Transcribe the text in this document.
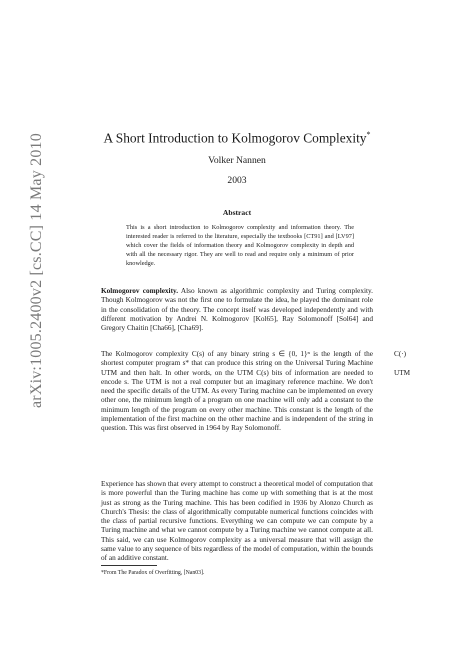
arXiv:1005.2400v2 [cs.CC] 14 May 2010	A Short Introduction to Kolmogorov Complexity*
Volker Nannen
2003
Abstract
This is a short introduction to Kolmogorov complexity and information theory. The interested reader is referred to the literature, especially the textbooks [CT91] and [LV97] which cover the fields of information theory and Kolmogorov complexity in depth and with all the necessary rigor. They are well to read and require only a minimum of prior knowledge.
Kolmogorov complexity. Also known as algorithmic complexity and Turing complexity. Though Kolmogorov was not the first one to formulate the idea, he played the dominant role in the consolidation of the theory. The concept itself was developed independently and with different motivation by Andrei N. Kolmogorov [Kol65], Ray Solomonoff [Sol64] and Gregory Chaitin [Cha66], [Cha69].
The Kolmogorov complexity C(s) of any binary string s ∈ {0, 1}ⁿ is the length of the shortest computer program s* that can produce this string on the Universal Turing Machine UTM and then halt. In other words, on the UTM C(s) bits of information are needed to encode s. The UTM is not a real computer but an imaginary reference machine. We don't need the specific details of the UTM. As every Turing machine can be implemented on every other one, the minimum length of a program on one machine will only add a constant to the minimum length of the program on every other machine. This constant is the length of the implementation of the first machine on the other machine and is independent of the string in question. This was first observed in 1964 by Ray Solomonoff.
C(·)
UTM
Experience has shown that every attempt to construct a theoretical model of computation that is more powerful than the Turing machine has come up with something that is at the most just as strong as the Turing machine. This has been codified in 1936 by Alonzo Church as Church's Thesis: the class of algorithmically computable numerical functions coincides with the class of partial recursive functions. Everything we can compute we can compute by a Turing machine and what we cannot compute by a Turing machine we cannot compute at all. This said, we can use Kolmogorov complexity as a universal measure that will assign the same value to any sequence of bits regardless of the model of computation, within the bounds of an additive constant.
*From The Paradox of Overfitting, [Nan03].
